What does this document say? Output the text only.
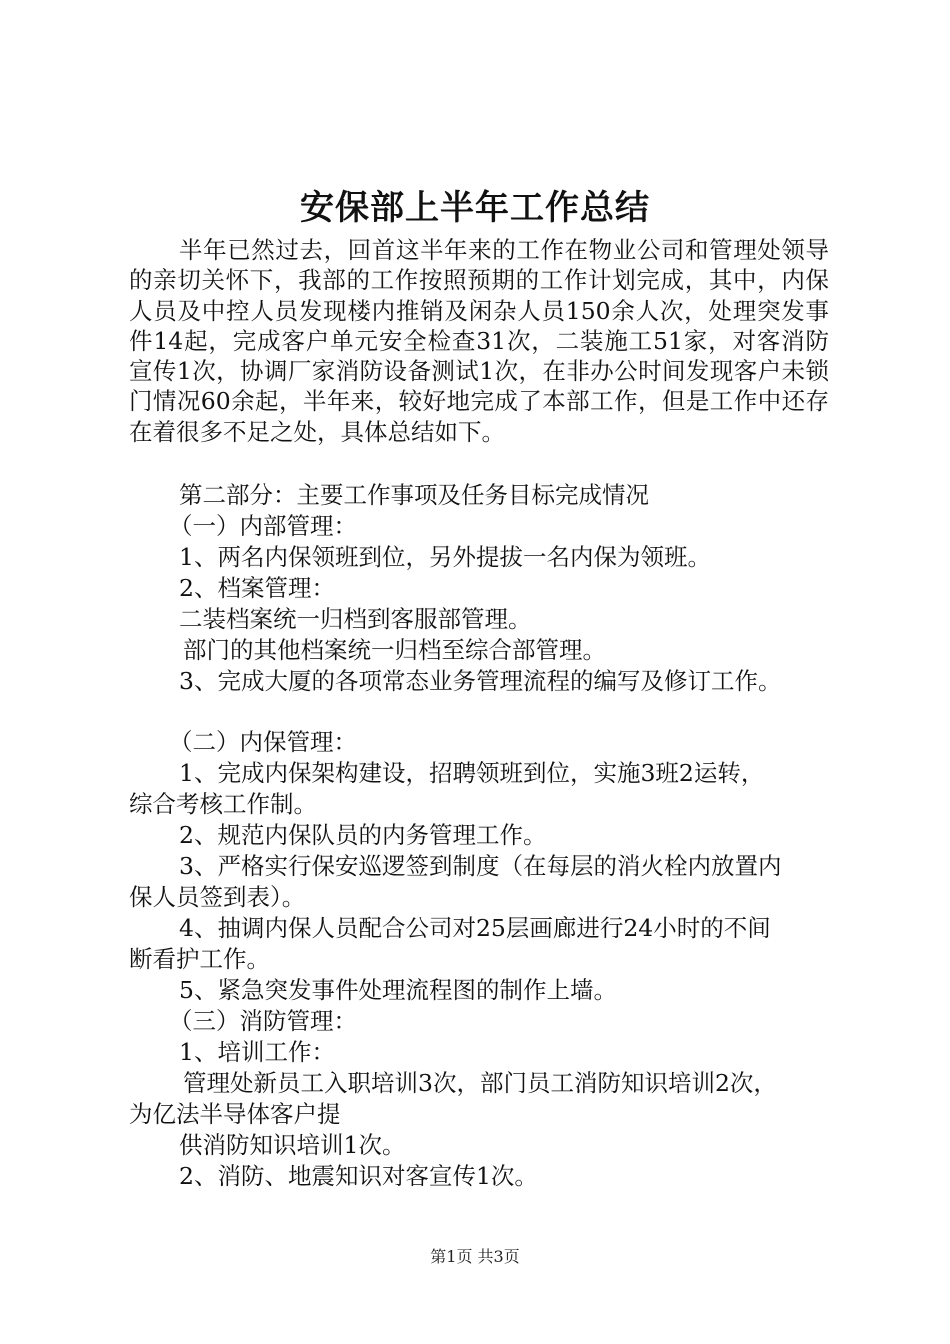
安保部上半年工作总结

半年已然过去，回首这半年来的工作在物业公司和管理处领导的亲切关怀下，我部的工作按照预期的工作计划完成，其中，内保人员及中控人员发现楼内推销及闲杂人员150余人次，处理突发事件14起，完成客户单元安全检查31次，二装施工51家，对客消防宣传1次，协调厂家消防设备测试1次，在非办公时间发现客户未锁门情况60余起，半年来，较好地完成了本部工作，但是工作中还存在着很多不足之处，具体总结如下。

第二部分：主要工作事项及任务目标完成情况
（一）内部管理：
1、两名内保领班到位，另外提拔一名内保为领班。
2、档案管理：
二装档案统一归档到客服部管理。
部门的其他档案统一归档至综合部管理。
3、完成大厦的各项常态业务管理流程的编写及修订工作。
（二）内保管理：
1、完成内保架构建设，招聘领班到位，实施3班2运转，
综合考核工作制。
2、规范内保队员的内务管理工作。
3、严格实行保安巡逻签到制度（在每层的消火栓内放置内
保人员签到表）。
4、抽调内保人员配合公司对25层画廊进行24小时的不间
断看护工作。
5、紧急突发事件处理流程图的制作上墙。
（三）消防管理：
1、培训工作：
管理处新员工入职培训3次，部门员工消防知识培训2次，
为亿法半导体客户提
供消防知识培训1次。
2、消防、地震知识对客宣传1次。
第1页 共3页
